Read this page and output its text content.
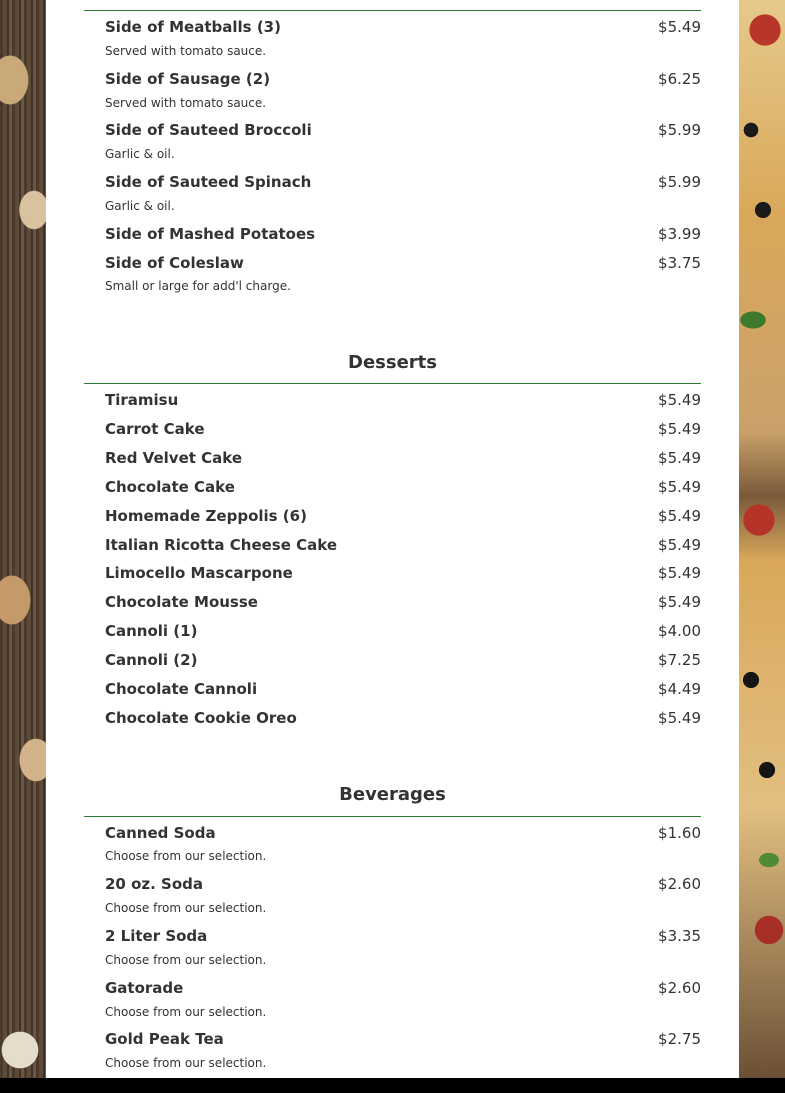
Side of Meatballs (3)	$5.49
Served with tomato sauce.
Side of Sausage (2)	$6.25
Served with tomato sauce.
Side of Sauteed Broccoli	$5.99
Garlic & oil.
Side of Sauteed Spinach	$5.99
Garlic & oil.
Side of Mashed Potatoes	$3.99
Side of Coleslaw	$3.75
Small or large for add'l charge.
Desserts
Tiramisu	$5.49
Carrot Cake	$5.49
Red Velvet Cake	$5.49
Chocolate Cake	$5.49
Homemade Zeppolis (6)	$5.49
Italian Ricotta Cheese Cake	$5.49
Limocello Mascarpone	$5.49
Chocolate Mousse	$5.49
Cannoli (1)	$4.00
Cannoli (2)	$7.25
Chocolate Cannoli	$4.49
Chocolate Cookie Oreo	$5.49
Beverages
Canned Soda	$1.60
Choose from our selection.
20 oz. Soda	$2.60
Choose from our selection.
2 Liter Soda	$3.35
Choose from our selection.
Gatorade	$2.60
Choose from our selection.
Gold Peak Tea	$2.75
Choose from our selection.
